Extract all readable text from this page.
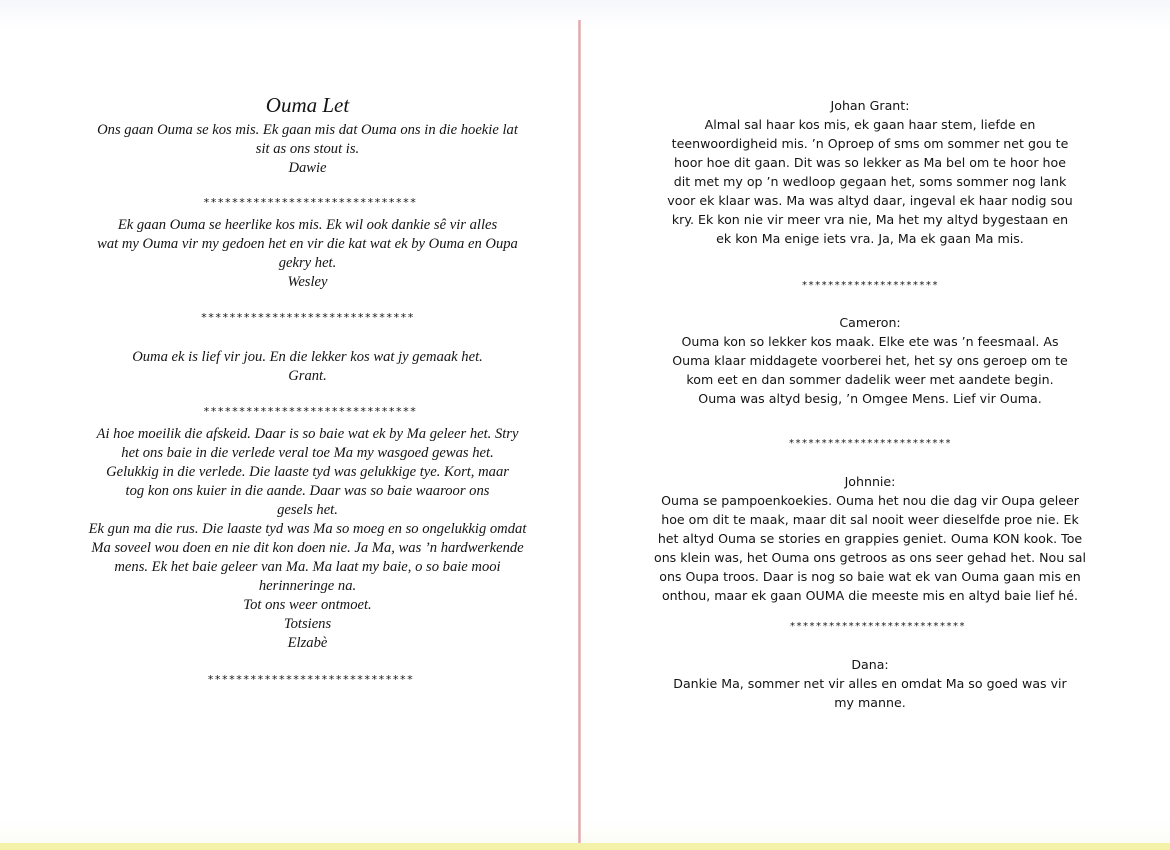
Ouma Let

Ons gaan Ouma se kos mis. Ek gaan mis dat Ouma ons in die hoekie lat

sit as ons stout is.

Dawie

******************************

Ek gaan Ouma se heerlike kos mis. Ek wil ook dankie sê vir alles

wat my Ouma vir my gedoen het en vir die kat wat ek by Ouma en Oupa

gekry het.

Wesley

******************************

Ouma ek is lief vir jou. En die lekker kos wat jy gemaak het.

Grant.

******************************

Ai hoe moeilik die afskeid. Daar is so baie wat ek by Ma geleer het. Stry

het ons baie in die verlede veral toe Ma my wasgoed gewas het.

Gelukkig in die verlede. Die laaste tyd was gelukkige tye. Kort, maar

tog kon ons kuier in die aande. Daar was so baie waaroor ons

gesels het.

Ek gun ma die rus. Die laaste tyd was Ma so moeg en so ongelukkig omdat

Ma soveel wou doen en nie dit kon doen nie. Ja Ma, was ’n hardwerkende

mens. Ek het baie geleer van Ma. Ma laat my baie, o so baie mooi

herinneringe na.

Tot ons weer ontmoet.

Totsiens

Elzabè

*****************************

Johan Grant:

Almal sal haar kos mis, ek gaan haar stem, liefde en

teenwoordigheid mis. ’n Oproep of sms om sommer net gou te

hoor hoe dit gaan. Dit was so lekker as Ma bel om te hoor hoe

dit met my op ’n wedloop gegaan het, soms sommer nog lank

voor ek klaar was. Ma was altyd daar, ingeval ek haar nodig sou

kry. Ek kon nie vir meer vra nie, Ma het my altyd bygestaan en

ek kon Ma enige iets vra. Ja, Ma ek gaan Ma mis.

*********************

Cameron:

Ouma kon so lekker kos maak. Elke ete was ’n feesmaal. As

Ouma klaar middagete voorberei het, het sy ons geroep om te

kom eet en dan sommer dadelik weer met aandete begin.

Ouma was altyd besig, ’n Omgee Mens. Lief vir Ouma.

*************************

Johnnie:

Ouma se pampoenkoekies. Ouma het nou die dag vir Oupa geleer

hoe om dit te maak, maar dit sal nooit weer dieselfde proe nie. Ek

het altyd Ouma se stories en grappies geniet. Ouma KON kook. Toe

ons klein was, het Ouma ons getroos as ons seer gehad het. Nou sal

ons Oupa troos. Daar is nog so baie wat ek van Ouma gaan mis en

onthou, maar ek gaan OUMA die meeste mis en altyd baie lief hé.

***************************

Dana:

Dankie Ma, sommer net vir alles en omdat Ma so goed was vir

my manne.
